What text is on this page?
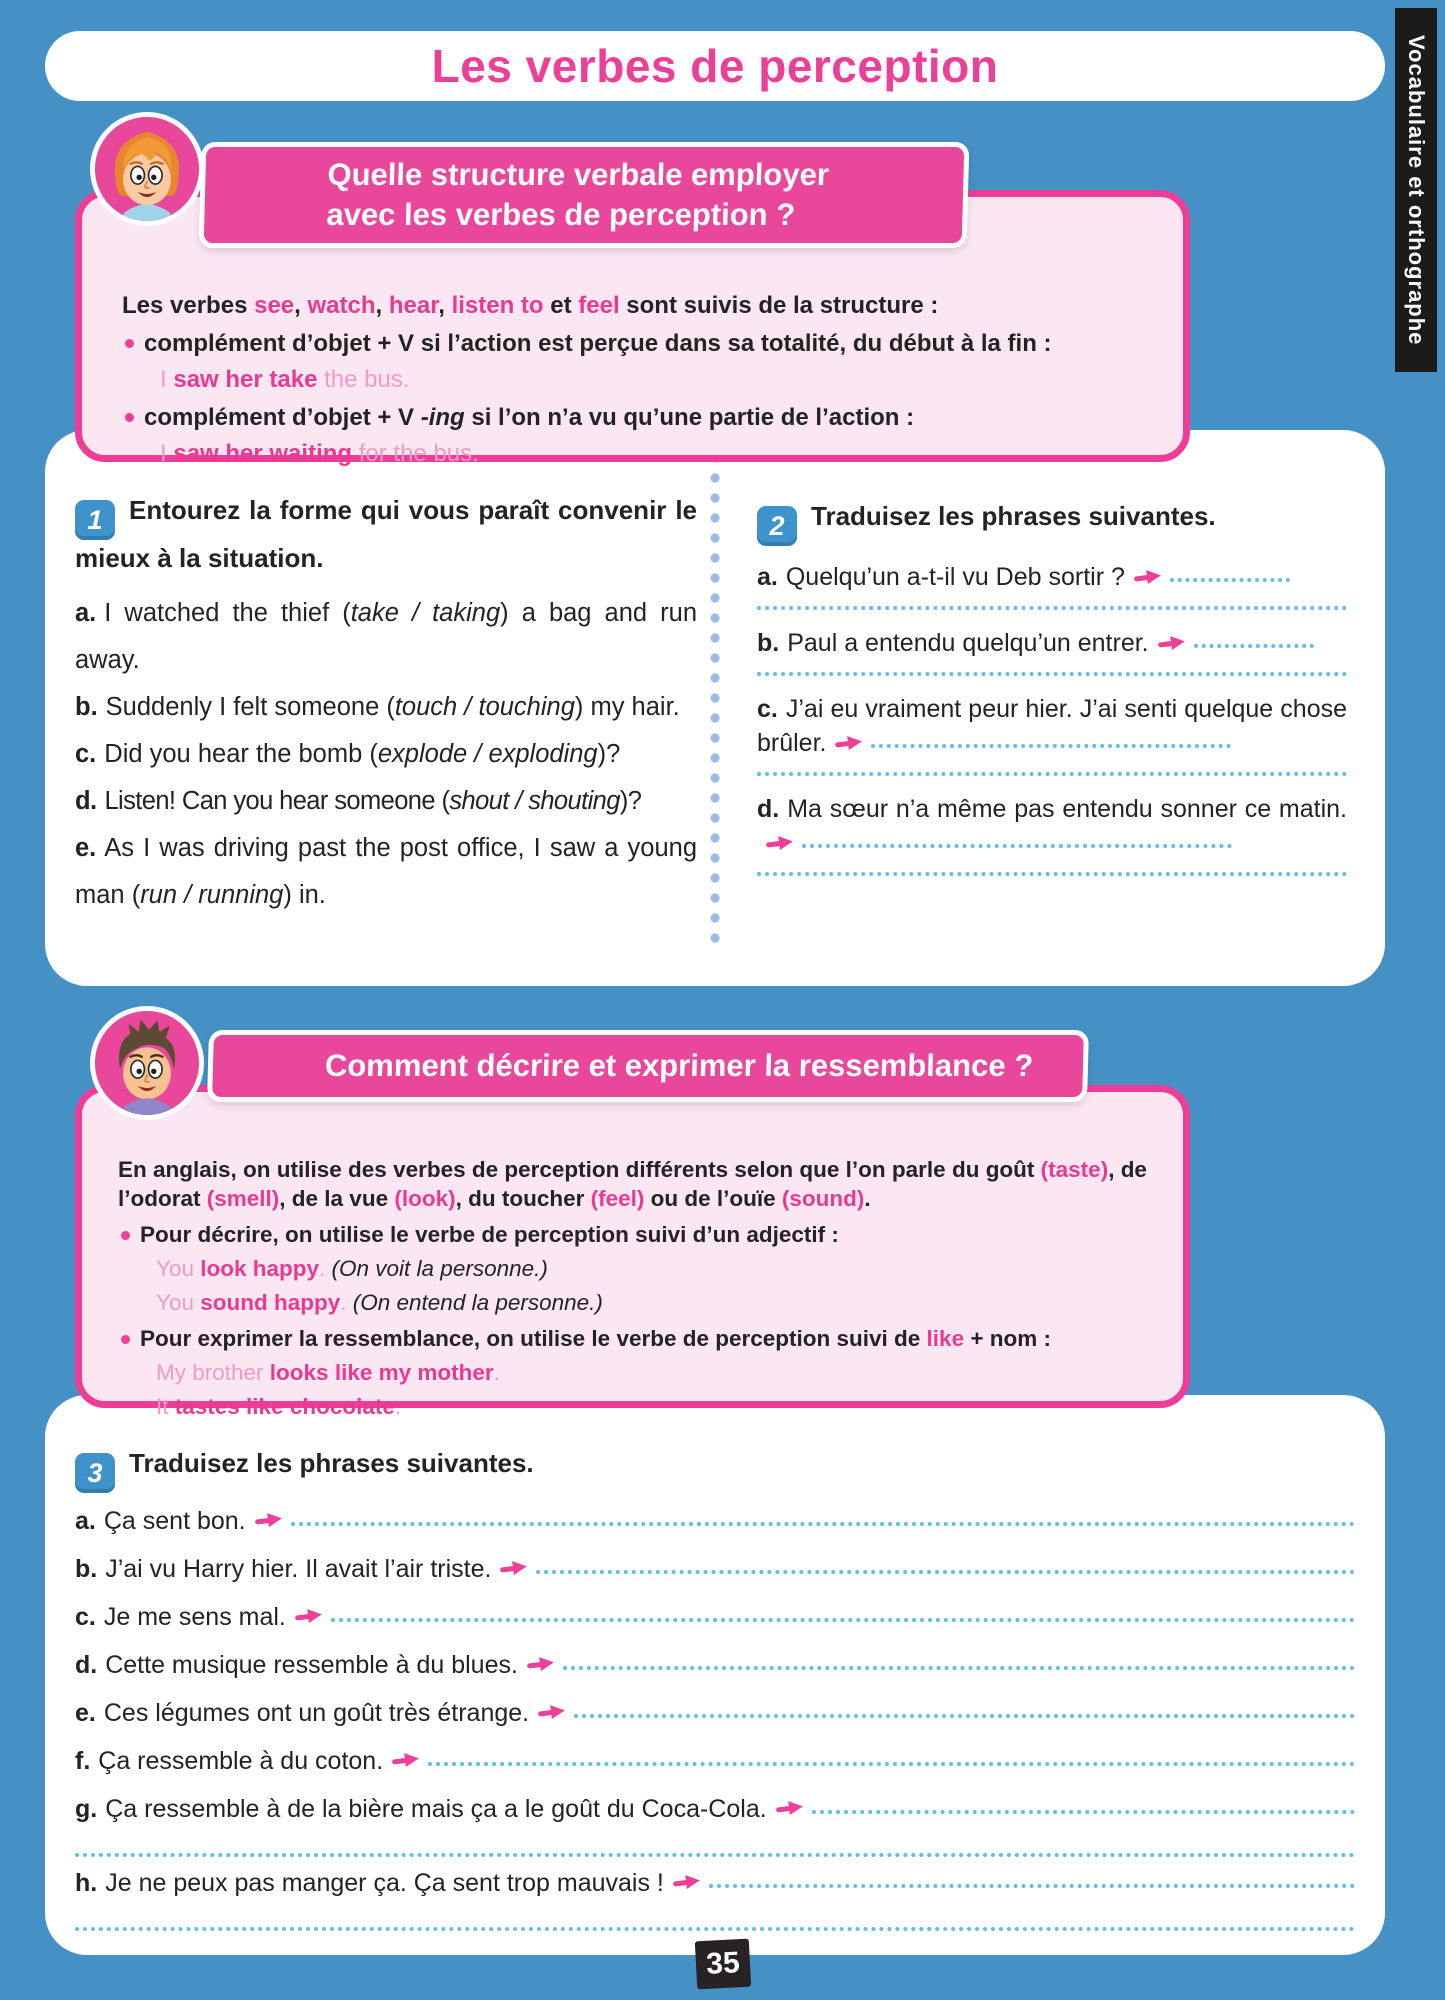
Les verbes de perception	Vocabulaire et orthographe
Quelle structure verbale employer
avec les verbes de perception ?

Les verbes see, watch, hear, listen to et feel sont suivis de la structure :

complément d’objet + V si l’action est perçue dans sa totalité, du début à la fin :

I saw her take the bus.

complément d’objet + V -ing si l’on n’a vu qu’une partie de l’action :

I saw her waiting for the bus.

1 Entourez la forme qui vous paraît convenir le mieux à la situation.

a. I watched the thief (take / taking) a bag and run away.

b. Suddenly I felt someone (touch / touching) my hair.

c. Did you hear the bomb (explode / exploding)?

d. Listen! Can you hear someone (shout / shouting)?

e. As I was driving past the post office, I saw a young man (run / running) in.

2 Traduisez les phrases suivantes.

a. Quelqu’un a-t-il vu Deb sortir ?

b. Paul a entendu quelqu’un entrer.

c. J’ai eu vraiment peur hier. J’ai senti quelque chose brûler.

d. Ma sœur n’a même pas entendu sonner ce matin.

Comment décrire et exprimer la ressemblance ?

En anglais, on utilise des verbes de perception différents selon que l’on parle du goût (taste), de l’odorat (smell), de la vue (look), du toucher (feel) ou de l’ouïe (sound).

Pour décrire, on utilise le verbe de perception suivi d’un adjectif :

You look happy. (On voit la personne.)

You sound happy. (On entend la personne.)

Pour exprimer la ressemblance, on utilise le verbe de perception suivi de like + nom :

My brother looks like my mother.

It tastes like chocolate.

3 Traduisez les phrases suivantes.

a. Ça sent bon.
b. J’ai vu Harry hier. Il avait l’air triste.
c. Je me sens mal.
d. Cette musique ressemble à du blues.
e. Ces légumes ont un goût très étrange.
f. Ça ressemble à du coton.
g. Ça ressemble à de la bière mais ça a le goût du Coca-Cola.
h. Je ne peux pas manger ça. Ça sent trop mauvais !
35
